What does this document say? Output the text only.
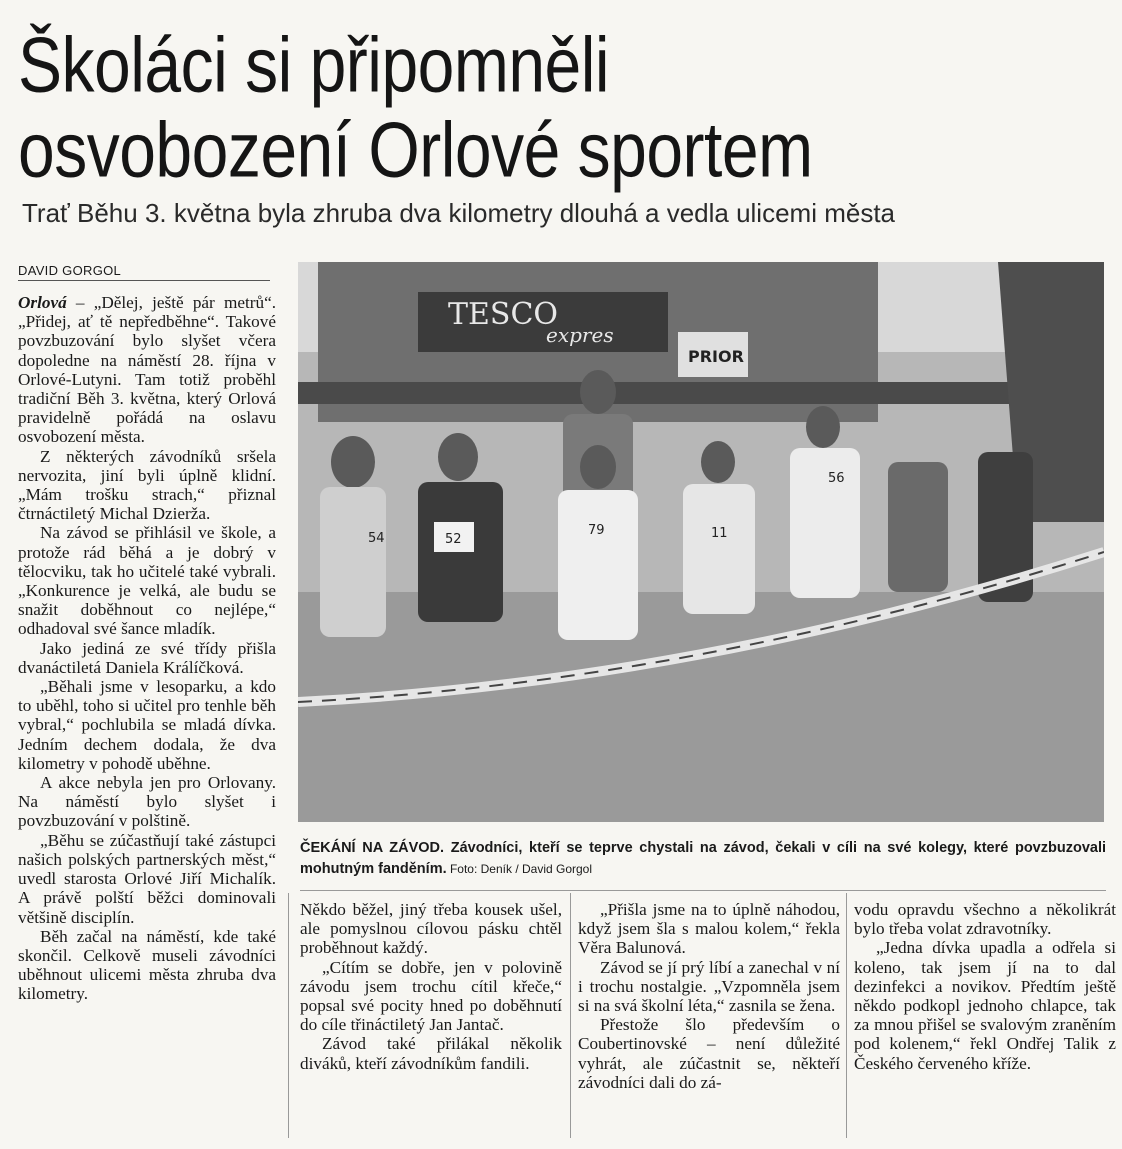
Školáci si připomněli
osvobození Orlové sportem
Trať Běhu 3. května byla zhruba dva kilometry dlouhá a vedla ulicemi města
DAVID GORGOL

Orlová – „Dělej, ještě pár metrů“. „Přidej, ať tě nepředběhne“. Takové povzbuzování bylo slyšet včera dopoledne na náměstí 28. října v Orlové-Lutyni. Tam totiž proběhl tradiční Běh 3. května, který Orlová pravidelně pořádá na oslavu osvobození města.

Z některých závodníků sršela nervozita, jiní byli úplně klidní. „Mám trošku strach,“ přiznal čtrnáctiletý Michal Dzierža.

Na závod se přihlásil ve škole, a protože rád běhá a je dobrý v tělocviku, tak ho učitelé také vybrali. „Konkurence je velká, ale budu se snažit doběhnout co nejlépe,“ odhadoval své šance mladík.

Jako jediná ze své třídy přišla dvanáctiletá Daniela Králíčková.

„Běhali jsme v lesoparku, a kdo to uběhl, toho si učitel pro tenhle běh vybral,“ pochlubila se mladá dívka. Jedním dechem dodala, že dva kilometry v pohodě uběhne.

A akce nebyla jen pro Orlovany. Na náměstí bylo slyšet i povzbuzování v polštině.

„Běhu se zúčastňují také zástupci našich polských partnerských měst,“ uvedl starosta Orlové Jiří Michalík. A právě polští běžci dominovali většině disciplín.

Běh začal na náměstí, kde také skončil. Celkově museli závodníci uběhnout ulicemi města zhruba dva kilometry.

TESCO
expres
PRIOR
52
79	11
56
54
ČEKÁNÍ NA ZÁVOD. Závodníci, kteří se teprve chystali na závod, čekali v cíli na své kolegy, které povzbuzovali mohutným fanděním. Foto: Deník / David Gorgol

Někdo běžel, jiný třeba kousek ušel, ale pomyslnou cílovou pásku chtěl proběhnout každý.

„Cítím se dobře, jen v polovině závodu jsem trochu cítil křeče,“ popsal své pocity hned po doběhnutí do cíle třináctiletý Jan Jantač.

Závod také přilákal několik diváků, kteří závodníkům fandili.

„Přišla jsme na to úplně náhodou, když jsem šla s malou kolem,“ řekla Věra Balunová.

Závod se jí prý líbí a zanechal v ní i trochu nostalgie. „Vzpomněla jsem si na svá školní léta,“ zasnila se žena.

Přestože šlo především o Coubertinovské – není důležité vyhrát, ale zúčastnit se, někteří závodníci dali do zá-

vodu opravdu všechno a několikrát bylo třeba volat zdravotníky.

„Jedna dívka upadla a odřela si koleno, tak jsem jí na to dal dezinfekci a novikov. Předtím ještě někdo podkopl jednoho chlapce, tak za mnou přišel se svalovým zraněním pod kolenem,“ řekl Ondřej Talik z Českého červeného kříže.
